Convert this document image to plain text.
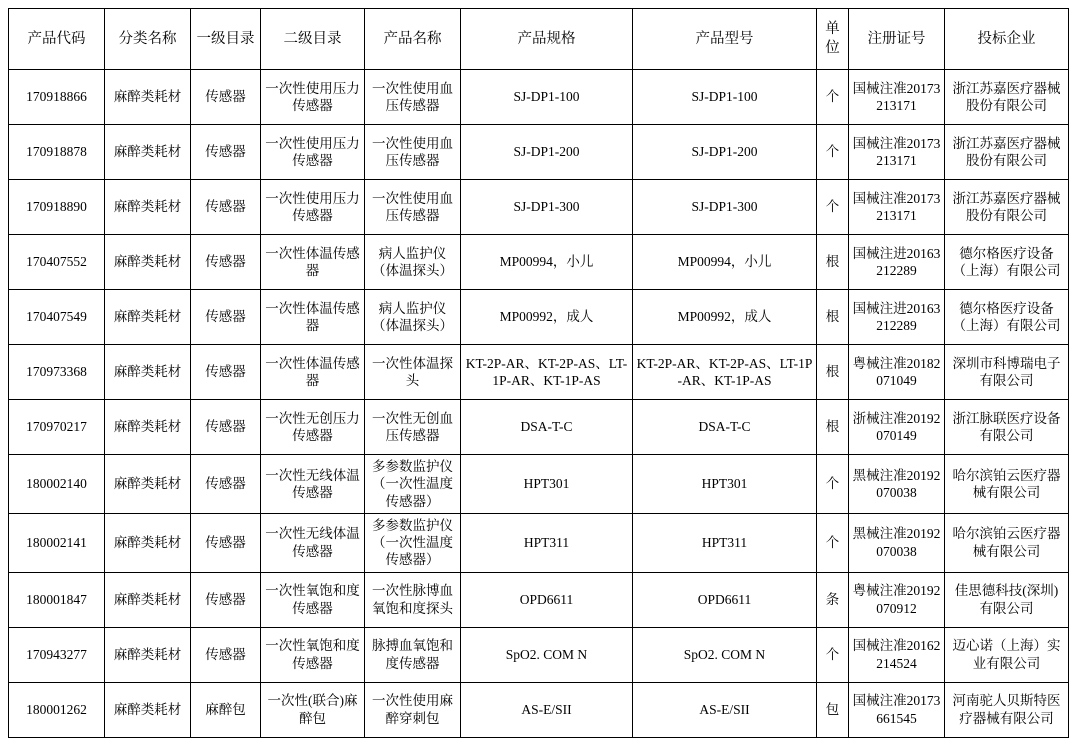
产品代码	分类名称	一级目录	二级目录	产品名称	产品规格	产品型号	单位	注册证号	投标企业
170918866	麻醉类耗材	传感器	一次性使用压力传感器	一次性使用血压传感器	SJ-DP1-100	SJ-DP1-100	个	国械注准20173213171	浙江苏嘉医疗器械股份有限公司
170918878	麻醉类耗材	传感器	一次性使用压力传感器	一次性使用血压传感器	SJ-DP1-200	SJ-DP1-200	个	国械注准20173213171	浙江苏嘉医疗器械股份有限公司
170918890	麻醉类耗材	传感器	一次性使用压力传感器	一次性使用血压传感器	SJ-DP1-300	SJ-DP1-300	个	国械注准20173213171	浙江苏嘉医疗器械股份有限公司
170407552	麻醉类耗材	传感器	一次性体温传感器	病人监护仪（体温探头）	MP00994，小儿	MP00994，小儿	根	国械注进20163212289	德尔格医疗设备（上海）有限公司
170407549	麻醉类耗材	传感器	一次性体温传感器	病人监护仪（体温探头）	MP00992，成人	MP00992，成人	根	国械注进20163212289	德尔格医疗设备（上海）有限公司
170973368	麻醉类耗材	传感器	一次性体温传感器	一次性体温探头	KT-2P-AR、KT-2P-AS、LT-1P-AR、KT-1P-AS	KT-2P-AR、KT-2P-AS、LT-1P-AR、KT-1P-AS	根	粤械注准20182071049	深圳市科博瑞电子有限公司
170970217	麻醉类耗材	传感器	一次性无创压力传感器	一次性无创血压传感器	DSA-T-C	DSA-T-C	根	浙械注准20192070149	浙江脉联医疗设备有限公司
180002140	麻醉类耗材	传感器	一次性无线体温传感器	多参数监护仪（一次性温度传感器）	HPT301	HPT301	个	黑械注准20192070038	哈尔滨铂云医疗器械有限公司
180002141	麻醉类耗材	传感器	一次性无线体温传感器	多参数监护仪（一次性温度传感器）	HPT311	HPT311	个	黑械注准20192070038	哈尔滨铂云医疗器械有限公司
180001847	麻醉类耗材	传感器	一次性氧饱和度传感器	一次性脉博血氧饱和度探头	OPD6611	OPD6611	条	粤械注准20192070912	佳思德科技(深圳) 有限公司
170943277	麻醉类耗材	传感器	一次性氧饱和度传感器	脉搏血氧饱和度传感器	SpO2. COM N	SpO2. COM N	个	国械注准20162214524	迈心诺（上海）实业有限公司
180001262	麻醉类耗材	麻醉包	一次性(联合)麻醉包	一次性使用麻醉穿刺包	AS-E/SII	AS-E/SII	包	国械注准20173661545	河南驼人贝斯特医疗器械有限公司
